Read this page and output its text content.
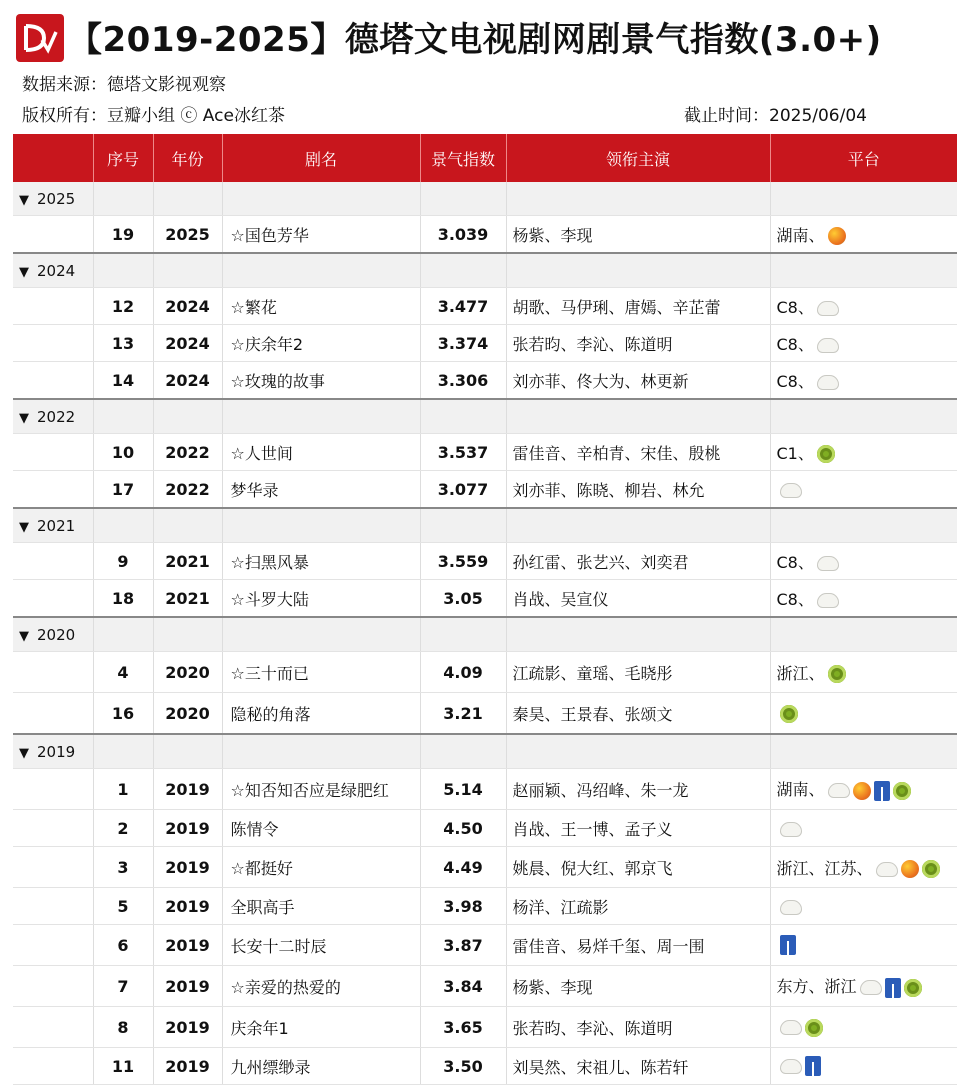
【2019-2025】德塔文电视剧网剧景气指数(3.0+)
数据来源：德塔文影视观察
版权所有：豆瓣小组 ⓒ Ace冰红茶	截止时间：2025/06/04
	序号	年份	剧名	景气指数	领衔主演	平台
▼ 2025						
	19	2025	☆国色芳华	3.039	杨紫、李现	湖南、
▼ 2024						
	12	2024	☆繁花	3.477	胡歌、马伊琍、唐嫣、辛芷蕾	C8、
	13	2024	☆庆余年2	3.374	张若昀、李沁、陈道明	C8、
	14	2024	☆玫瑰的故事	3.306	刘亦菲、佟大为、林更新	C8、
▼ 2022						
	10	2022	☆人世间	3.537	雷佳音、辛柏青、宋佳、殷桃	C1、
	17	2022	梦华录	3.077	刘亦菲、陈晓、柳岩、林允	
▼ 2021						
	9	2021	☆扫黑风暴	3.559	孙红雷、张艺兴、刘奕君	C8、
	18	2021	☆斗罗大陆	3.05	肖战、吴宣仪	C8、
▼ 2020						
	4	2020	☆三十而已	4.09	江疏影、童瑶、毛晓彤	浙江、
	16	2020	隐秘的角落	3.21	秦昊、王景春、张颂文	
▼ 2019						
	1	2019	☆知否知否应是绿肥红	5.14	赵丽颖、冯绍峰、朱一龙	湖南、
	2	2019	陈情令	4.50	肖战、王一博、孟子义	
	3	2019	☆都挺好	4.49	姚晨、倪大红、郭京飞	浙江、江苏、
	5	2019	全职高手	3.98	杨洋、江疏影	
	6	2019	长安十二时辰	3.87	雷佳音、易烊千玺、周一围	
	7	2019	☆亲爱的热爱的	3.84	杨紫、李现	东方、浙江
	8	2019	庆余年1	3.65	张若昀、李沁、陈道明	
	11	2019	九州缥缈录	3.50	刘昊然、宋祖儿、陈若轩	
